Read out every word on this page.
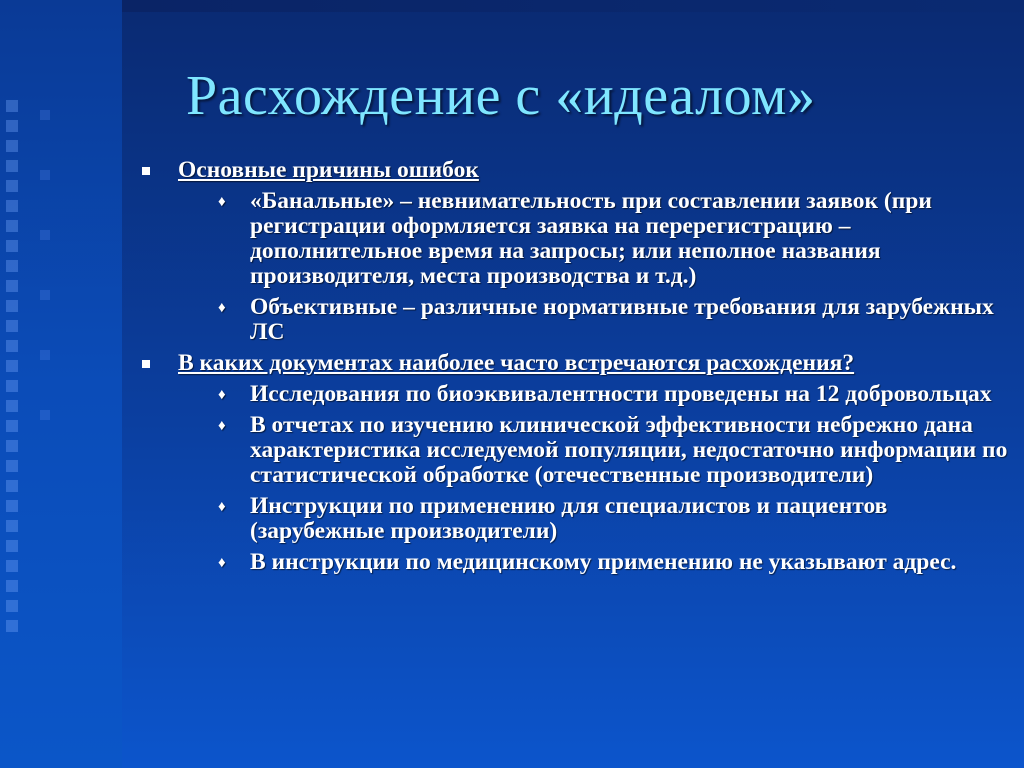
Расхождение с «идеалом»
Основные причины ошибок
♦ «Банальные» – невнимательность при составлении заявок (при регистрации оформляется заявка на перерегистрацию – дополнительное время на запросы; или неполное названия производителя, места производства и т.д.)
♦ Объективные – различные нормативные требования для зарубежных ЛС
В каких документах наиболее часто встречаются расхождения?
♦ Исследования по биоэквивалентности проведены на 12 добровольцах
♦ В отчетах по изучению клинической эффективности небрежно дана характеристика исследуемой популяции, недостаточно информации по статистической обработке (отечественные производители)
♦ Инструкции по применению для специалистов и пациентов (зарубежные производители)
♦ В инструкции по медицинскому применению не указывают адрес.
